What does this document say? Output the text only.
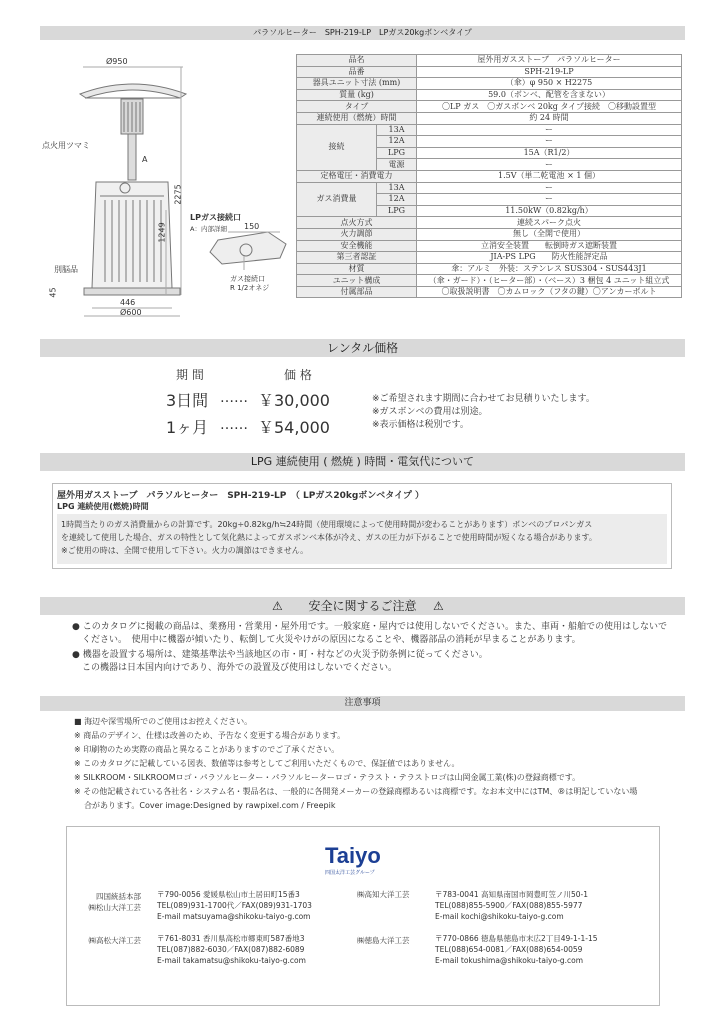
パラソルヒーター　SPH-219-LP　LPガス20kgボンベタイプ
Ø950
点火用ツマミ
A
2275
1249
別脳品
45
446
Ø600
LPガス接続口
A：内部詳細 150
ガス接続口
R 1/2オネジ
品名		屋外用ガスストーブ　パラソルヒーター
品番		SPH-219-LP
器具ユニット寸法 (mm)		（傘）φ 950 × H2275
質量 (kg)		59.0（ボンベ、配管を含まない）
タイプ		〇LP ガス　〇ガスボンベ 20kg タイプ接続　〇移動設置型
連続使用（燃焼）時間		約 24 時間
接続	13A	ー
	12A	ー
	LPG	15A（R1/2）
	電源	ー
定格電圧・消費電力		1.5V（単二乾電池 × 1 個）
ガス消費量	13A	ー
	12A	ー
	LPG	11.50kW（0.82kg/h）
点火方式		連続スパーク点火
火力調節		無し（全開で使用）
安全機能		立消安全装置　　転倒時ガス遮断装置
第三者認証		JIA-PS LPG　　防火性能評定品
材質		傘：アルミ　外装：ステンレス SUS304・SUS443J1
ユニット構成		（傘・ガード）・（ヒーター部）・（ベース）3 梱包 4 ユニット組立式
付属部品		〇取扱説明書　〇カムロック（フタの鍵）〇アンカーボルト
レンタル価格
期 間	価 格
3日間 …… ￥30,000
1ヶ月 …… ￥54,000
※ご希望されます期間に合わせてお見積りいたします。
※ガスボンベの費用は別途。
※表示価格は税別です。
LPG 連続使用 ( 燃焼 ) 時間・電気代について
屋外用ガスストーブ　パラソルヒーター　SPH-219-LP　（ LPガス20kgボンベタイプ ）
LPG 連続使用(燃焼)時間
1時間当たりのガス消費量からの計算です。20kg÷0.82kg/h≒24時間（使用環境によって使用時間が変わることがあります）ボンベのプロパンガス
を連続して使用した場合、ガスの特性として気化熱によってガスボンベ本体が冷え、ガスの圧力が下がることで使用時間が短くなる場合があります。
※ご使用の時は、全開で使用して下さい。火力の調節はできません。
⚠ 安全に関するご注意 ⚠
● このカタログに掲載の商品は、業務用・営業用・屋外用です。一般家庭・屋内では使用しないでください。また、車両・船舶での使用はしないで
ください。　使用中に機器が傾いたり、転倒して火災やけがの原因になることや、機器部品の消耗が早まることがあります。
● 機器を設置する場所は、建築基準法や当該地区の市・町・村などの火災予防条例に従ってください。
この機器は日本国内向けであり、海外での設置及び使用はしないでください。
注意事項
■ 海辺や深雪場所でのご使用はお控えください。
※ 商品のデザイン、仕様は改善のため、予告なく変更する場合があります。
※ 印刷物のため実際の商品と異なることがありますのでご了承ください。
※ このカタログに記載している図表、数値等は参考としてご利用いただくもので、保証値ではありません。
※ SILKROOM・SILKROOMロゴ・パラソルヒーター・パラソルヒーターロゴ・テラスト・テラストロゴは山岡金属工業(株)の登録商標です。
※ その他記載されている各社名・システム名・製品名は、一般的に各開発メーカーの登録商標あるいは商標です。なお本文中にはTM、®は明記していない場
合があります。Cover image:Designed by rawpixel.com / Freepik
Taiyo
四国太洋工芸グループ
四国統括本部
㈱松山大洋工芸
〒790-0056 愛媛県松山市土居田町15番3
TEL(089)931-1700代／FAX(089)931-1703
E-mail matsuyama@shikoku-taiyo-g.com
㈱高知大洋工芸	〒783-0041 高知県南国市岡豊町笠ノ川50-1
TEL(088)855-5900／FAX(088)855-5977
E-mail kochi@shikoku-taiyo-g.com
㈱高松大洋工芸 〒761-8031 香川県高松市郷東町587番地3
TEL(087)882-6030／FAX(087)882-6089
E-mail takamatsu@shikoku-taiyo-g.com
㈱徳島大洋工芸	〒770-0866 徳島県徳島市末広2丁目49-1-1-15
TEL(088)654-0081／FAX(088)654-0059
E-mail tokushima@shikoku-taiyo-g.com
